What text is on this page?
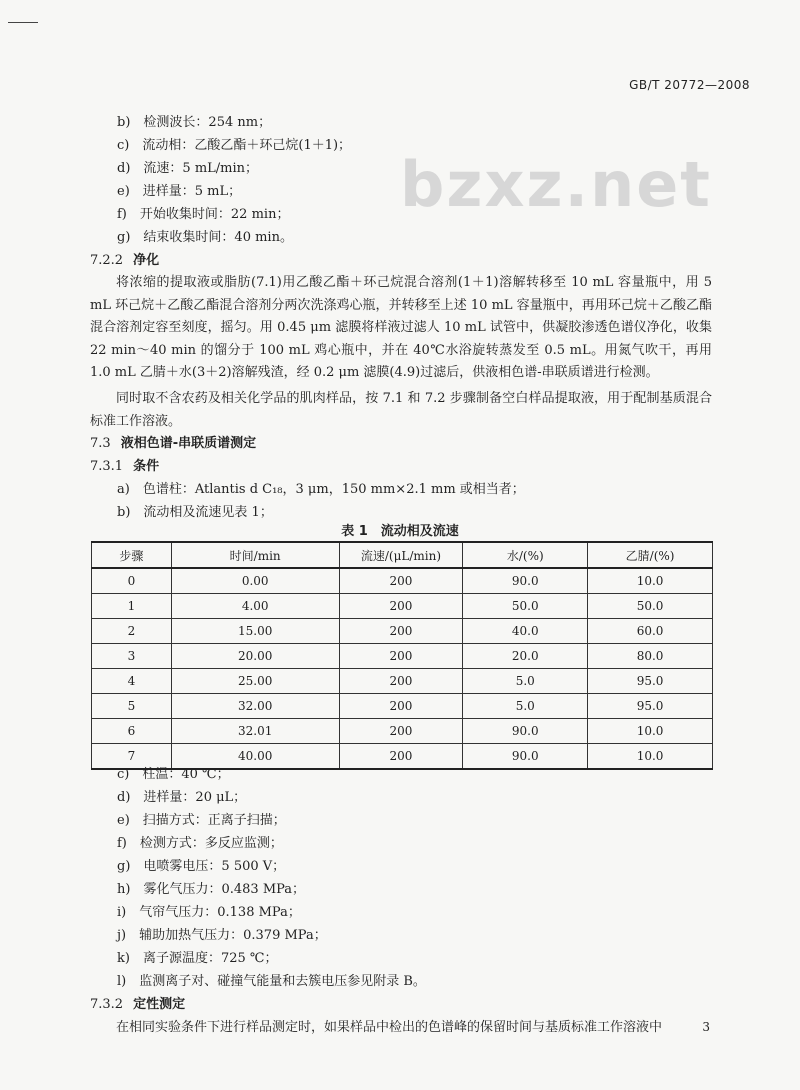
GB/T 20772—2008
bzxz.net
b)　 检测波长：254 nm；
c)　 流动相：乙酸乙酯＋环己烷(1＋1)；
d)　 流速：5 mL/min；
e)　 进样量：5 mL；
f)　 开始收集时间：22 min；
g)　 结束收集时间：40 min。
7.2.2 净化
将浓缩的提取液或脂肪(7.1)用乙酸乙酯＋环己烷混合溶剂(1＋1)溶解转移至 10 mL 容量瓶中，用 5 mL 环己烷＋乙酸乙酯混合溶剂分两次洗涤鸡心瓶，并转移至上述 10 mL 容量瓶中，再用环己烷＋乙酸乙酯混合溶剂定容至刻度，摇匀。用 0.45 μm 滤膜将样液过滤人 10 mL 试管中，供凝胶渗透色谱仪净化，收集 22 min～40 min 的馏分于 100 mL 鸡心瓶中，并在 40℃水浴旋转蒸发至 0.5 mL。用氮气吹干，再用 1.0 mL 乙腈＋水(3＋2)溶解残渣，经 0.2 μm 滤膜(4.9)过滤后，供液相色谱-串联质谱进行检测。
同时取不含农药及相关化学品的肌肉样品，按 7.1 和 7.2 步骤制备空白样品提取液，用于配制基质混合标准工作溶液。
7.3 液相色谱-串联质谱测定
7.3.1 条件
a)　 色谱柱：Atlantis d C₁₈，3 μm，150 mm×2.1 mm 或相当者；
b)　 流动相及流速见表 1；
表 1　流动相及流速
步骤	时间/min	流速/(μL/min)	水/(%)	乙腈/(%)
0	0.00	200	90.0	10.0
1	4.00	200	50.0	50.0
2	15.00	200	40.0	60.0
3	20.00	200	20.0	80.0
4	25.00	200	5.0	95.0
5	32.00	200	5.0	95.0
6	32.01	200	90.0	10.0
7	40.00	200	90.0	10.0
c)　 柱温：40 ℃；
d)　 进样量：20 μL；
e)　 扫描方式：正离子扫描；
f)　 检测方式：多反应监测；
g)　 电喷雾电压：5 500 V；
h)　 雾化气压力：0.483 MPa；
i)　 气帘气压力：0.138 MPa；
j)　 辅助加热气压力：0.379 MPa；
k)　 离子源温度：725 ℃；
l)　 监测离子对、碰撞气能量和去簇电压参见附录 B。
7.3.2 定性测定
在相同实验条件下进行样品测定时，如果样品中检出的色谱峰的保留时间与基质标准工作溶液中	3
